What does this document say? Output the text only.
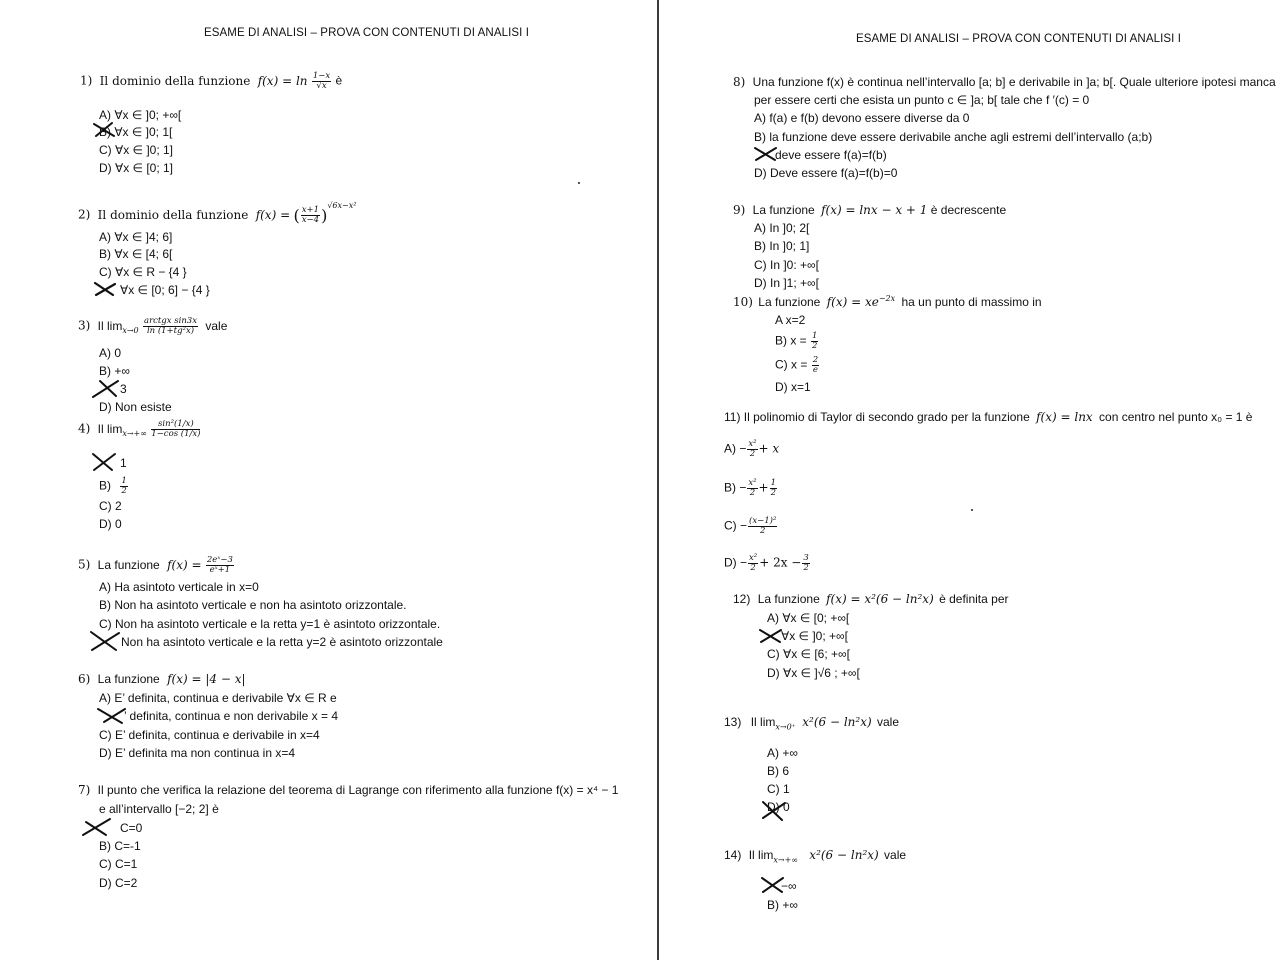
ESAME DI ANALISI – PROVA CON CONTENUTI DI ANALISI I
1) Il dominio della funzione $f(x) = \ln \frac{1-x}{√x}$ è
A) ∀x ∈ ]0; +∞[
B) ∀x ∈ ]0; 1[
C) ∀x ∈ ]0; 1]
D) ∀x ∈ [0; 1]
2) Il dominio della funzione f(x) = ( $\frac{x+1}{x-4} )^{√6x-x^2}$
A) ∀x ∈ ]4; 6]
B) ∀x ∈ [4; 6[
C) ∀x ∈ R − {4 }
∀x ∈ [0; 6] − {4 }
3) Il $\lim_{x\to 0} \frac{\text{arctgx sin3x}}{\text{ln (1+tg²x)}}$ vale
A) 0
B) +∞
3
D) Non esiste
4) Il $\lim_{x\to+\infty} \frac{\text{sin²(1/x)}}{1-\cos (1/x)}$
1
$B) \frac{1}{2}$
C) 2
D) 0
5) La funzione $f(x) = \frac{\text{2eˣ−3}}{\text{eˣ+1}}$
A) Ha asintoto verticale in x=0
B) Non ha asintoto verticale e non ha asintoto orizzontale.
C) Non ha asintoto verticale e la retta y=1 è asintoto orizzontale.
Non ha asintoto verticale e la retta y=2 è asintoto orizzontale
6) La funzione f(x) = |4 − x|
A) E’ definita, continua e derivabile ∀x ∈ R e
’ definita, continua e non derivabile x = 4
C) E’ definita, continua e derivabile in x=4
D) E’ definita ma non continua in x=4
7) Il punto che verifica la relazione del teorema di Lagrange con riferimento alla funzione f(x) = x⁴ − 1
e all’intervallo [−2; 2] è
C=0
B) C=-1
C) C=1
D) C=2
ESAME DI ANALISI – PROVA CON CONTENUTI DI ANALISI I
8) Una funzione f(x) è continua nell’intervallo [a; b] e derivabile in ]a; b[. Quale ulteriore ipotesi manca
per essere certi che esista un punto c ∈ ]a; b[ tale che f ′(c) = 0
A) f(a) e f(b) devono essere diverse da 0
B) la funzione deve essere derivabile anche agli estremi dell’intervallo (a;b)
deve essere f(a)=f(b)
D) Deve essere f(a)=f(b)=0
9) La funzione f(x) = lnx − x + 1 è decrescente
A) In ]0; 2[
B) In ]0; 1]
C) In ]0: +∞[
D) In ]1; +∞[
10) La funzione $f(x) = xe^{-2x}$ ha un punto di massimo in
A x=2
B) $x = \frac{1}{2}$
C) $x = \frac{2}{e}$
D) x=1
11) Il polinomio di Taylor di secondo grado per la funzione f(x) = lnx con centro nel punto x₀ = 1 è
$A) - \frac{\text{x²}}{2} + x$
$B) - \frac{\text{x²}}{2} + \frac{1}{2}$
$C) - \frac{\text{(x−1)²}}{2}$
$D) - \frac{\text{x²}}{2} + 2x - \frac{3}{2}$
12) La funzione f(x) = x²(6 − ln²x) è definita per
A) ∀x ∈ [0; +∞[
∀x ∈ ]0; +∞[
C) ∀x ∈ [6; +∞[
D) ∀x ∈ ]√6 ; +∞[
13) Il $\lim_{x\to 0^+} x^2(6 - \ln^2x)$ vale
A) +∞
B) 6
C) 1
D) 0
14) Il $\lim_{x\to+\infty} x^2(6 - \ln^2x)$ vale
−∞
B) +∞
